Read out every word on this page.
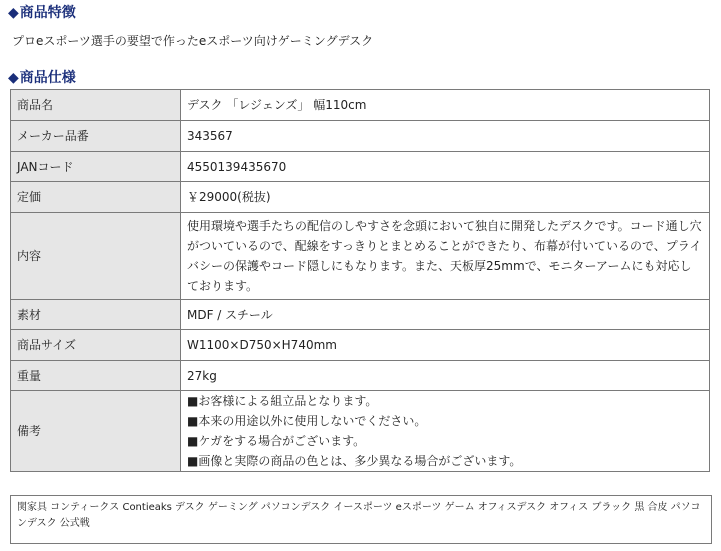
◆商品特徴
プロeスポーツ選手の要望で作ったeスポーツ向けゲーミングデスク
◆商品仕様
商品名	デスク 「レジェンズ」 幅110cm
メーカー品番	343567
JANコード	4550139435670
定価	￥29000(税抜)
内容	使用環境や選手たちの配信のしやすさを念頭において独自に開発したデスクです。コード通し穴がついているので、配線をすっきりとまとめることができたり、布幕が付いているので、プライバシーの保護やコード隠しにもなります。また、天板厚25mmで、モニターアームにも対応しております。
素材	MDF / スチール
商品サイズ	W1100×D750×H740mm
重量	27kg
備考	■お客様による組立品となります。
■本来の用途以外に使用しないでください。
■ケガをする場合がございます。
■画像と実際の商品の色とは、多少異なる場合がございます。
関家具 コンティークス Contieaks デスク ゲーミング パソコンデスク イースポーツ eスポーツ ゲーム オフィスデスク オフィス ブラック 黒 合皮 パソコンデスク 公式戦
